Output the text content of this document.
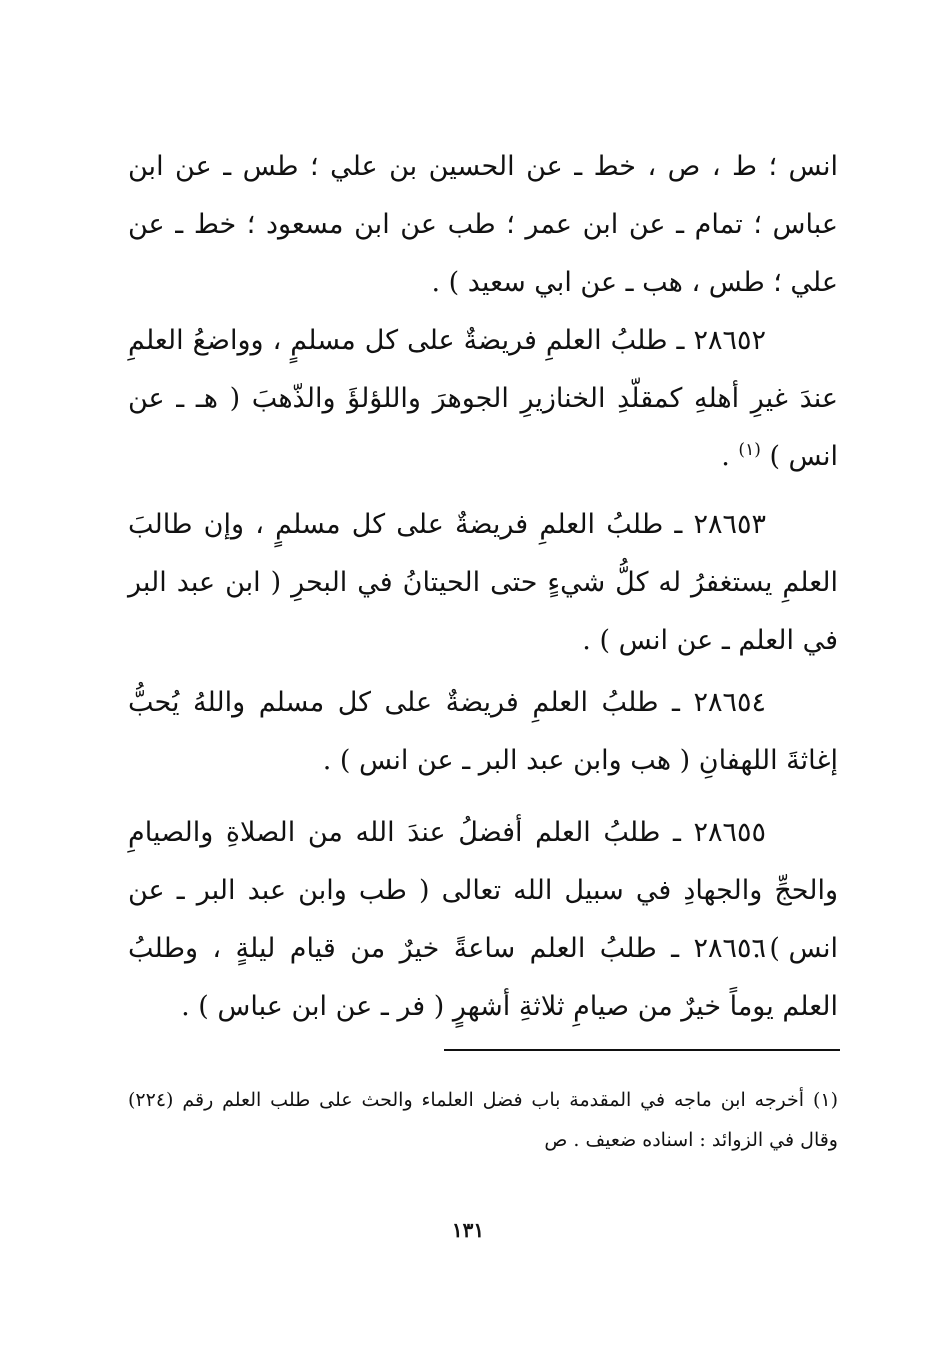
انس ؛ ط ، ص ، خط ـ عن الحسين بن علي ؛ طس ـ عن ابن عباس ؛ تمام ـ عن ابن عمر ؛ طب عن ابن مسعود ؛ خط ـ عن علي ؛ طس ، هب ـ عن ابي سعيد ) .

٢٨٦٥٢ ـ طلبُ العلمِ فريضةٌ على كل مسلمٍ ، وواضعُ العلمِ عندَ غيرِ أهلهِ كمقلّدِ الخنازيرِ الجوهرَ واللؤلؤَ والذّهبَ ( هـ ـ عن انس ) $^{(١)}$ .

٢٨٦٥٣ ـ طلبُ العلمِ فريضةٌ على كل مسلمٍ ، وإن طالبَ العلمِ يستغفرُ له كلُّ شيءٍ حتى الحيتانُ في البحرِ ( ابن عبد البر في العلم ـ عن انس ) .

٢٨٦٥٤ ـ طلبُ العلمِ فريضةٌ على كل مسلم واللهُ يُحبُّ إغاثةَ اللهفانِ ( هب وابن عبد البر ـ عن انس ) .

٢٨٦٥٥ ـ طلبُ العلم أفضلُ عندَ الله من الصلاةِ والصيامِ والحجِّ والجهادِ في سبيل الله تعالى ( طب وابن عبد البر ـ عن انس ) .

٢٨٦٥٦ ـ طلبُ العلم ساعةً خيرٌ من قيام ليلةٍ ، وطلبُ العلم يوماً خيرٌ من صيامِ ثلاثةِ أشهرٍ ( فر ـ عن ابن عباس ) .

(١) أخرجه ابن ماجه في المقدمة باب فضل العلماء والحث على طلب العلم رقم (٢٢٤) وقال في الزوائد : اسناده ضعيف . ص

١٣١
